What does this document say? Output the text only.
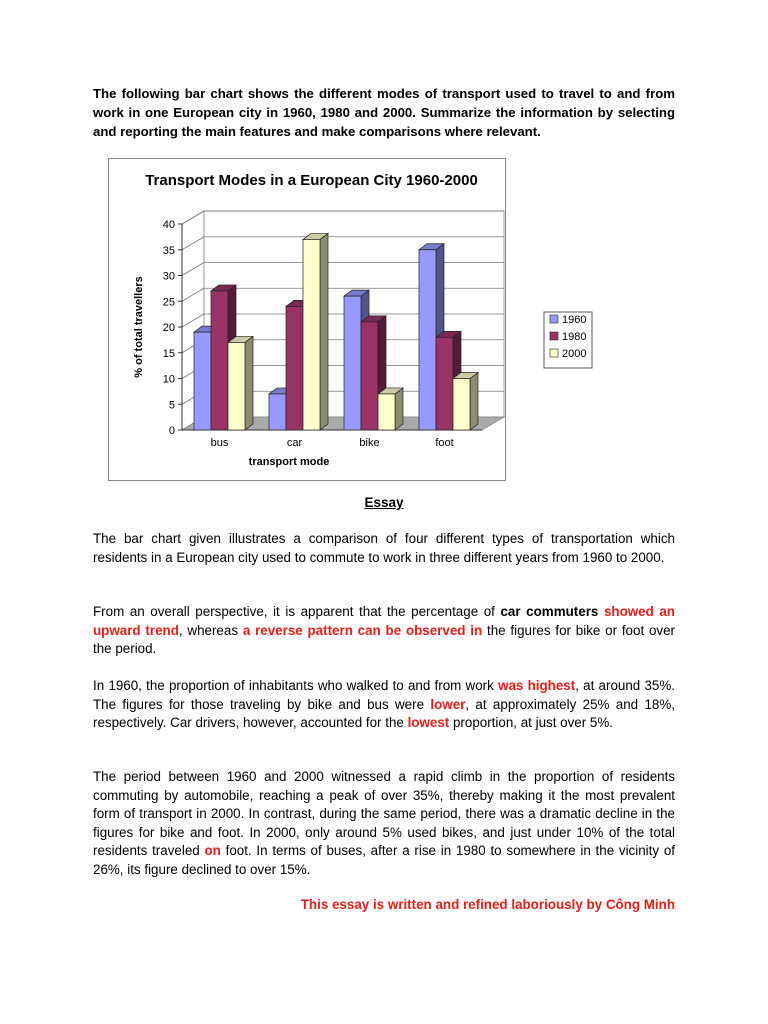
The following bar chart shows the different modes of transport used to travel to and from work in one European city in 1960, 1980 and 2000. Summarize the information by selecting and reporting the main features and make comparisons where relevant.

Transport Modes in a European City 1960-2000
0
5
10
15
20
25
30
35
40
bus	car	bike	foot
transport mode
% of total travellers	1960
1980
2000
Essay

The bar chart given illustrates a comparison of four different types of transportation which residents in a European city used to commute to work in three different years from 1960 to 2000.

From an overall perspective, it is apparent that the percentage of car commuters showed an upward trend, whereas a reverse pattern can be observed in the figures for bike or foot over the period.

In 1960, the proportion of inhabitants who walked to and from work was highest, at around 35%. The figures for those traveling by bike and bus were lower, at approximately 25% and 18%, respectively. Car drivers, however, accounted for the lowest proportion, at just over 5%.

The period between 1960 and 2000 witnessed a rapid climb in the proportion of residents commuting by automobile, reaching a peak of over 35%, thereby making it the most prevalent form of transport in 2000. In contrast, during the same period, there was a dramatic decline in the figures for bike and foot. In 2000, only around 5% used bikes, and just under 10% of the total residents traveled on foot. In terms of buses, after a rise in 1980 to somewhere in the vicinity of 26%, its figure declined to over 15%.

This essay is written and refined laboriously by Công Minh
